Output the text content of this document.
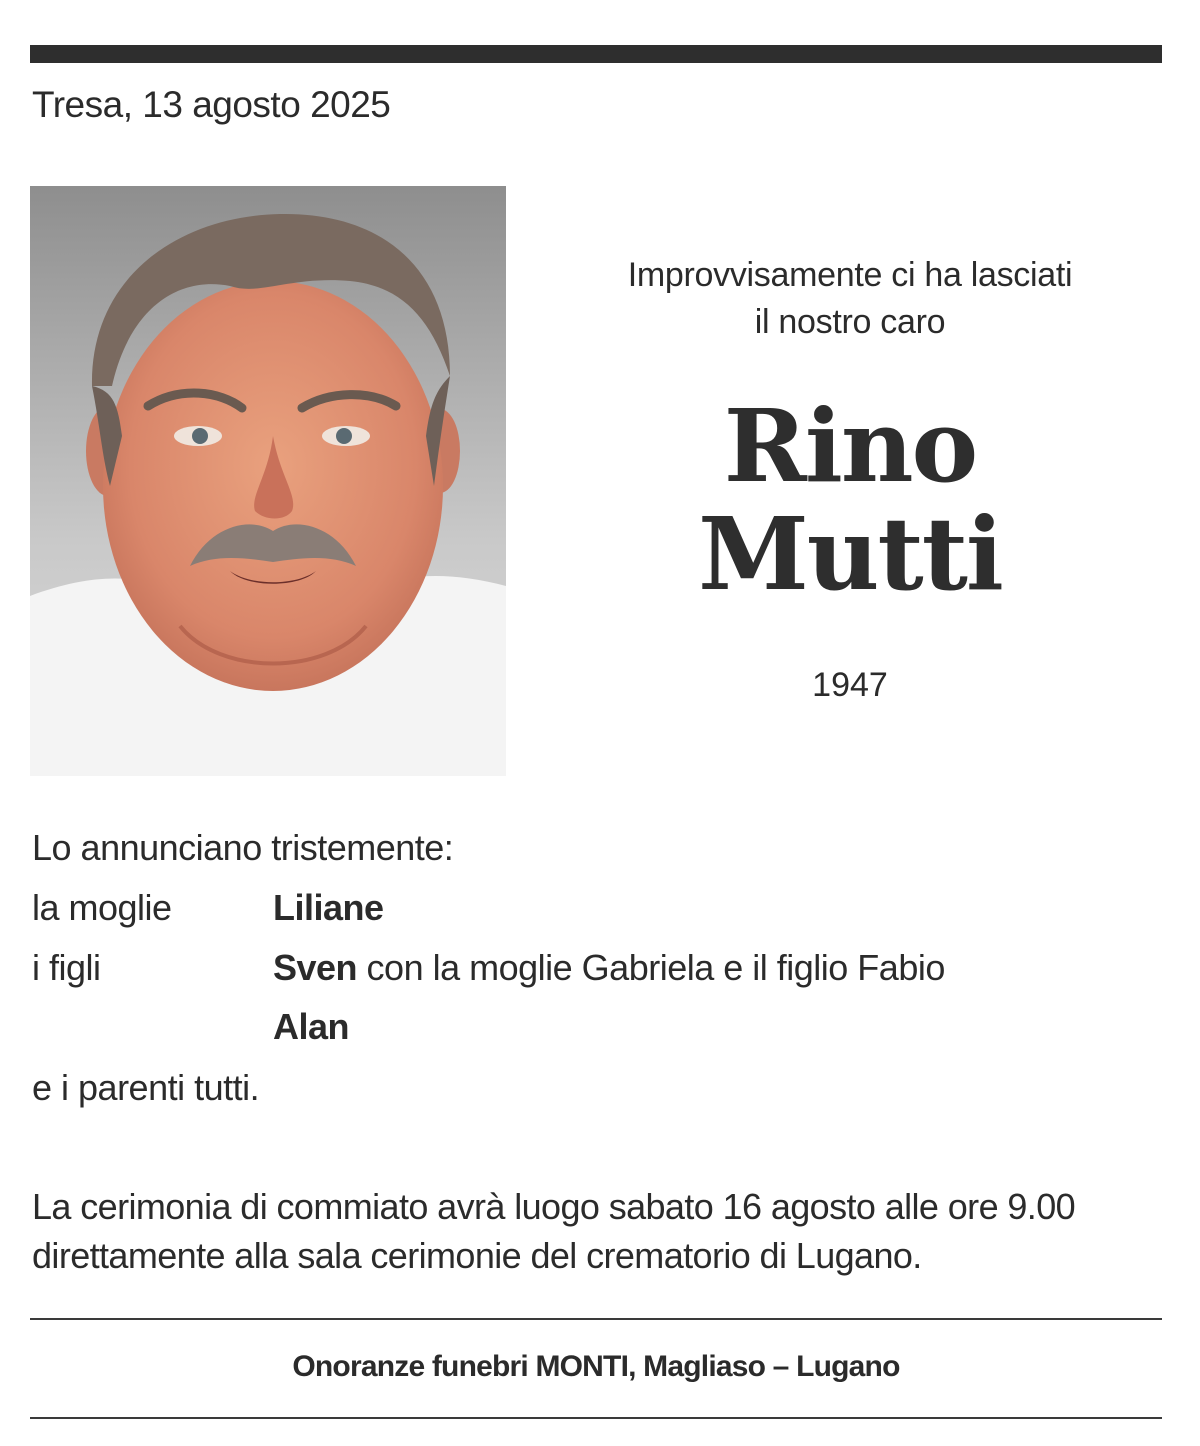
Tresa, 13 agosto 2025
Improvvisamente ci ha lasciati
il nostro caro
Rino
Mutti
1947
Lo annunciano tristemente:
la moglie	Liliane
i figli	Sven con la moglie Gabriela e il figlio Fabio
Alan
e i parenti tutti.
La cerimonia di commiato avrà luogo sabato 16 agosto alle ore 9.00
direttamente alla sala cerimonie del crematorio di Lugano.
Onoranze funebri MONTI, Magliaso – Lugano
